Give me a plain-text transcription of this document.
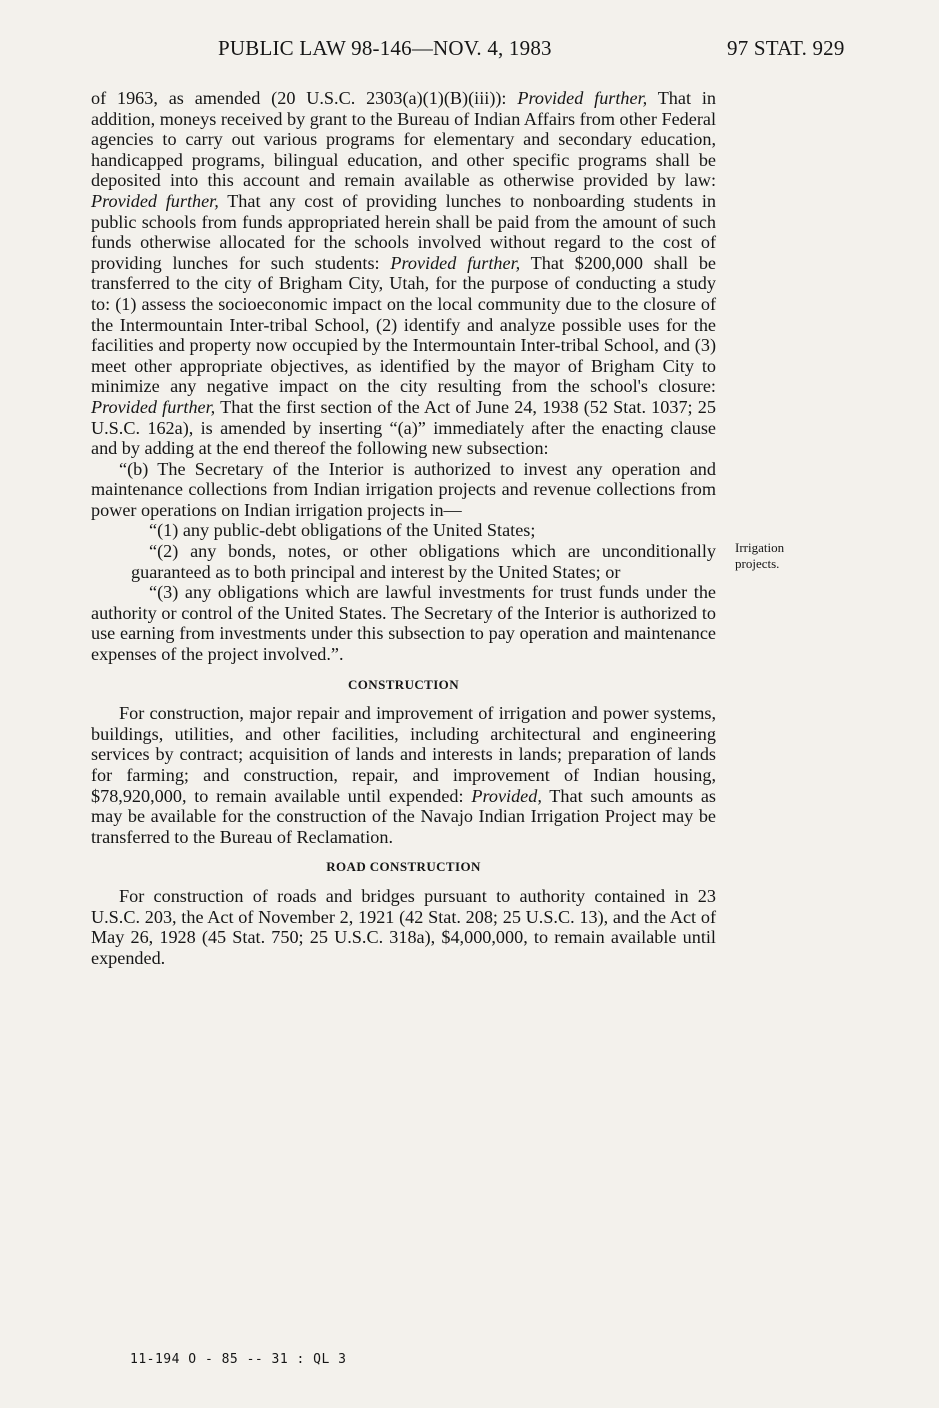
PUBLIC LAW 98-146—NOV. 4, 1983	97 STAT. 929

of 1963, as amended (20 U.S.C. 2303(a)(1)(B)(iii)): Provided further, That in addition, moneys received by grant to the Bureau of Indian Affairs from other Federal agencies to carry out various programs for elementary and secondary education, handicapped programs, bilingual education, and other specific programs shall be deposited into this account and remain available as otherwise provided by law: Provided further, That any cost of providing lunches to nonboarding students in public schools from funds appropriated herein shall be paid from the amount of such funds otherwise allocated for the schools involved without regard to the cost of providing lunches for such students: Provided further, That $200,000 shall be transferred to the city of Brigham City, Utah, for the purpose of conducting a study to: (1) assess the socioeconomic impact on the local community due to the closure of the Intermountain Inter-tribal School, (2) identify and analyze possible uses for the facilities and property now occupied by the Intermountain Inter-tribal School, and (3) meet other appropriate objectives, as identified by the mayor of Brigham City to minimize any negative impact on the city resulting from the school's closure: Provided further, That the first section of the Act of June 24, 1938 (52 Stat. 1037; 25 U.S.C. 162a), is amended by inserting “(a)” immediately after the enacting clause and by adding at the end thereof the following new subsection:

“(b) The Secretary of the Interior is authorized to invest any operation and maintenance collections from Indian irrigation projects and revenue collections from power operations on Indian irrigation projects in—

“(1) any public-debt obligations of the United States;

“(2) any bonds, notes, or other obligations which are unconditionally guaranteed as to both principal and interest by the United States; or

“(3) any obligations which are lawful investments for trust funds under the authority or control of the United States. The Secretary of the Interior is authorized to use earning from investments under this subsection to pay operation and maintenance expenses of the project involved.”.

CONSTRUCTION

For construction, major repair and improvement of irrigation and power systems, buildings, utilities, and other facilities, including architectural and engineering services by contract; acquisition of lands and interests in lands; preparation of lands for farming; and construction, repair, and improvement of Indian housing, $78,920,000, to remain available until expended: Provided, That such amounts as may be available for the construction of the Navajo Indian Irrigation Project may be transferred to the Bureau of Reclamation.

ROAD CONSTRUCTION

For construction of roads and bridges pursuant to authority contained in 23 U.S.C. 203, the Act of November 2, 1921 (42 Stat. 208; 25 U.S.C. 13), and the Act of May 26, 1928 (45 Stat. 750; 25 U.S.C. 318a), $4,000,000, to remain available until expended.

Irrigation projects.
11-194 O - 85 -- 31 : QL 3
